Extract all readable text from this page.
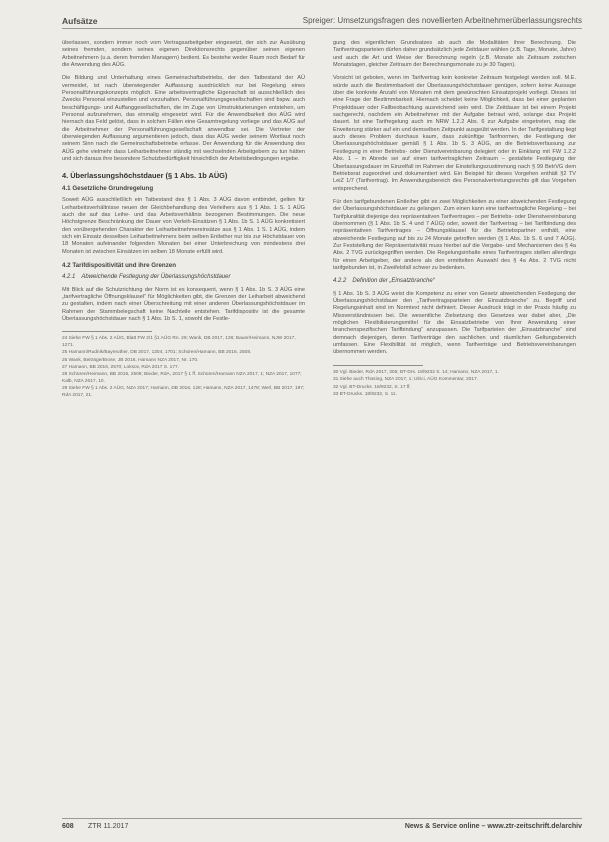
Aufsätze	Spreiger: Umsetzungsfragen des novellierten Arbeitnehmerüberlassungsrechts

überlassen, sondern immer noch vom Vertragsarbeitgeber eingesetzt, der sich zur Ausübung seines fremden, sondern seines eigenen Direktionsrechts gegenüber seinen eigenen Arbeitnehmern (u.a. deren fremden Managern) bedient. Es bestehe weder Raum noch Bedarf für die Anwendung des AÜG.

Die Bildung und Unterhaltung eines Gemeinschaftsbetriebs, der den Tatbestand der AÜ vermeidet, ist nach überwiegender Auffassung ausdrücklich nur bei Regelung eines Personalführungskonzepts möglich. Eine arbeitsvertragliche Eigenschaft ist ausschließlich des Zwecks Personal einzustellen und vorzuhalten. Personalführungsgesellschaften sind bspw. auch beschäftigungs- und Auffanggesellschaften, die im Zuge von Umstrukturierungen entstehen, um Personal aufzunehmen, das einmalig eingesetzt wird. Für die Anwendbarkeit des AÜG wird hiernach das Feld gelöst, dass in solchen Fällen eine Gesamtregelung vorliege und das AÜG auf die Arbeitnehmer der Personalführungsgesellschaft anwendbar sei. Die Vertreter der überwiegenden Auffassung argumentieren jedoch, dass das AÜG weder seinem Wortlaut noch seinem Sinn nach die Gemeinschaftsbetriebe erfasse. Der Anwendung für die Anwendung des AÜG gehe vielmehr dass Leiharbeitnehmer ständig mit wechselnden Arbeitgebern zu tun hätten und sich daraus ihre besondere Schutzbedürftigkeit hinsichtlich der Arbeitsbedingungen ergebe.

4. Überlassungshöchstdauer (§ 1 Abs. 1b AÜG)
4.1 Gesetzliche Grundregelung

Soweit AÜG ausschließlich ein Tatbestand des § 1 Abs. 3 AÜG davon entbindet, gelten für Leiharbeitsverhältnisse neuen der Gleichbehandlung des Verleihers aus § 1 Abs. 1 S. 1 AÜG auch die auf das Leihe- und das Arbeitsverhältnis bezogenen Bestimmungen. Die neue Höchstgrenze Beschränkung der Dauer von Verleih-Einsätzen § 1 Abs. 1b S. 1 AÜG konkretisiert den vorübergehenden Charakter der Leiharbeitnehmereinsätze aus § 1 Abs. 1 S. 1 AÜG, indem sich ein Einsatz desselben Leiharbeitnehmers beim selben Entleiher nur bis zur Höchstdauer von 18 Monaten aufeinander folgenden Monaten bei einer Unterbrechung von mindestens drei Monaten ist zwischen Einsätzen im selben 18 Monate erfüllt wird.

4.2 Tarifdispositivität und ihre Grenzen
4.2.1 Abweichende Festlegung der Überlassungshöchstdauer

Mit Blick auf die Schutzrichtung der Norm ist es konsequent, wenn § 1 Abs. 1b S. 3 AÜG eine „tarifvertragliche Öffnungsklausel“ für Möglichkeiten gibt, die Grenzen der Leiharbeit abweichend zu gestalten, indem nach einer Überschreitung mit einer anderen Überlassungshöchstdauer im Rahmen der Stammbelegschaft keine Nachteile entstehen. Tarifdispositiv ist die gesamte Überlassungshöchstdauer nach § 1 Abs. 1b S. 1, sowohl die Festle-

24 Siehe FW § 1 Abs. 2 AÜG, Blatt FW 2/1 §1 AÜG Rn. 29; Wank, DB 2017, 136; Bauer/Heimann, NJW 2017, 1271.
25 Hamann/Rudnik/Bayreuther, DB 2017, 1304, 1701; Schüren/Hamann, BB 2016, 2508.
26 Wank, Beiträge/Brose, JB 2016, Hamann NZA 2017, Nr. 170.
27 Hamann, BB 2016, 2570; Loksov, RdA 2017 S. 177.
28 Schüren/Heimann, BB 2016, 2508; Bieder, RdA, 2017 § 1 ff. Schüren/Hamann NZA 2017, 1; NZA 2017, 1077; Kalb, NZA 2017, 10.
29 Siehe FW § 1 Abs. 2 AÜG, NZA 2017; Hamann, DB 2016, 128; Hamann, NZA 2017, 1478; Werl, BB 2017, 197; RdA 2017, 21.

gung des eigentlichen Grundsatzes ab auch die Modalitäten ihrer Berechnung. Die Tarifvertragsparteien dürfen daher grundsätzlich jede Zeitdauer wählen (z.B. Tage, Monate, Jahre) und auch die Art und Weise der Berechnung regeln (z.B. Monate als Zeitraum zwischen Monatstagen, gleicher Zeitraum der Berechnungsmonate zu je 30 Tagen).

Vorsicht ist geboten, wenn im Tarifvertrag kein konkreter Zeitraum festgelegt werden soll. M.E. würde auch die Bestimmbarkeit der Überlassungshöchstdauer genügen, sofern keine Aussage über die konkrete Anzahl von Monaten mit dem gewünschten Einsatzprojekt vorliegt. Dieses ist eine Frage der Bestimmbarkeit. Hiernach scheidet keine Möglichkeit, dass bei einer geplanten Projektdauer oder Fallbeobachtung ausreichend sein wird. Die Zeitdauer ist bei einem Projekt sachgerecht, nachdem ein Arbeitnehmer mit der Aufgabe betraut wird, solange das Projekt dauert. Ist eine Tarifregelung auch im NRW 1.2.2 Abs. 6 zur Aufgabe eingetreten, mag die Erweiterung stärker auf ein und demselben Zeitpunkt ausgeübt werden. In der Tarifgestaltung liegt auch dieses Problem durchaus kaum, dass zukünftige Tarifnormen, die Festlegung der Überlassungshöchstdauer gemäß § 1 Abs. 1b S. 3 AÜG, an die Betriebsverfassung zur Festlegung in einer Betriebs- oder Dienstvereinbarung delegiert oder in Einklang mit FW 1.2.2 Abs. 1 – in Abrede sei auf einen tarifvertraglichen Zeitraum – gestaltete Festlegung der Überlassungsdauer im Einzelfall im Rahmen der Einstellungszustimmung nach § 99 BetrVG dem Betriebsrat zugeordnet und dokumentiert wird. Ein Beispiel für dieses Vorgehen enthält §2 TV LeiZ 1/7 (Tarifvertrag). Im Anwendungsbereich des Personalvertretungsrechts gilt das Vorgehen entsprechend.

Für den tarifgebundenen Entleiher gibt es zwei Möglichkeiten zu einer abweichenden Festlegung der Überlassungshöchstdauer zu gelangen. Zum einen kann eine tarifvertragliche Regelung – bei Tarifpluralität diejenige des repräsentativen Tarifvertrages – per Betriebs- oder Dienstvereinbarung übernommen (§ 1 Abs. 1b S. 4 und 7 AÜG) oder, soweit der Tarifvertrag – bei Tarifbindung des repräsentativen Tarifvertrages – Öffnungsklausel für die Betriebspartner enthält, eine abweichende Festlegung auf bis zu 24 Monate getroffen werden (§ 1 Abs. 1b S. 6 und 7 AÜG). Zur Feststellung der Repräsentativität muss hierbei auf die Vergabe- und Mechanismen des § 4a Abs. 2 TVG zurückgegriffen werden. Die Regelungsinhalte eines Tarifvertrages stellen allerdings für einen Arbeitgeber, der andere als den ermittelten Auswahl des § 4a Abs. 2 TVG nicht tarifgebunden ist, in Zweifelsfall schwer zu bedenken.

4.2.2 Definition der „Einsatzbranche“

§ 1 Abs. 1b S. 3 AÜG weist die Kompetenz zu einer von Gesetz abweichenden Festlegung der Überlassungshöchstdauer den „Tarifvertragsparteien der Einsatzbranche“ zu. Begriff und Regelungsinhalt sind im Normtext nicht definiert. Dieser Ausdruck trägt in der Praxis häufig zu Missverständnissen bei. Die wesentliche Zielsetzung des Gesetzes war dabei aber, „Die möglichen Flexibilisierungsmittel für die Einsatzbetriebe von Ihrer Anwendung einer branchenspezifischen Tarifbindung“ anzupassen. Die Tarifparteien der „Einsatzbranche“ sind demnach diejenigen, deren Tarifverträge den sachlichen und räumlichen Geltungsbereich umfassen. Eine Flexibilität ist möglich, wenn Tarifverträge und Betriebsvereinbarungen übernommen werden.

30 Vgl. Bieder, RdA 2017, 305; BT-Drs. 18/9232 S. 14; Hamann, NZA 2017, 1.
31 Siehe auch Thüsing, NZA 2017, 1; Ulrici, AÜG Kommentar, 2017.
32 Vgl. BT-Drucks. 18/9232, S. 17 ff.
33 BT-Drucks. 18/9232, S. 11.
608 ZTR 11.2017	News & Service online – www.ztr-zeitschrift.de/archiv
